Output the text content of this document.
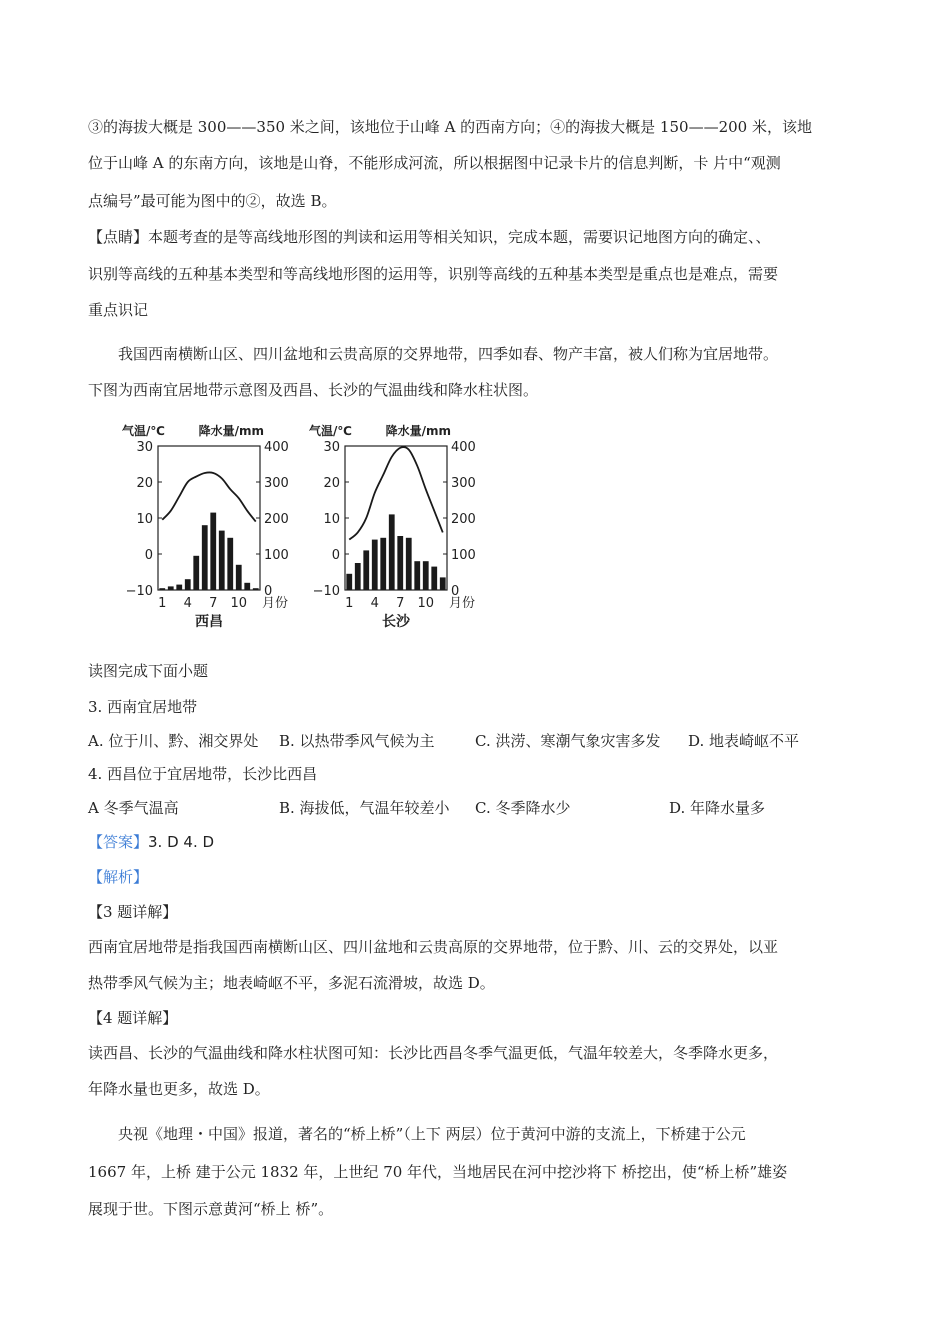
③的海拔大概是 300——350 米之间，该地位于山峰 A 的西南方向；④的海拔大概是 150——200 米，该地
位于山峰 A 的东南方向，该地是山脊，不能形成河流，所以根据图中记录卡片的信息判断，卡 片中“观测
点编号”最可能为图中的②，故选 B。
【点睛】本题考查的是等高线地形图的判读和运用等相关知识，完成本题，需要识记地图方向的确定、、
识别等高线的五种基本类型和等高线地形图的运用等，识别等高线的五种基本类型是重点也是难点，需要
重点识记
我国西南横断山区、四川盆地和云贵高原的交界地带，四季如春、物产丰富，被人们称为宜居地带。
下图为西南宜居地带示意图及西昌、长沙的气温曲线和降水柱状图。
气温/℃	降水量/mm
30
20
10
0
−10
400
300
200
100
0
1 4 7 10 月份
西昌
气温/℃	降水量/mm
30
20
10
0
−10
400
300
200
100
0
1 4 7 10 月份
长沙
读图完成下面小题
3. 西南宜居地带
A. 位于川、黔、湘交界处 B. 以热带季风气候为主	C. 洪涝、寒潮气象灾害多发 D. 地表崎岖不平
4. 西昌位于宜居地带，长沙比西昌
A 冬季气温高	B. 海拔低，气温年较差小 C. 冬季降水少	D. 年降水量多
【答案】3. D 4. D
【解析】
【3 题详解】
西南宜居地带是指我国西南横断山区、四川盆地和云贵高原的交界地带，位于黔、川、云的交界处，以亚
热带季风气候为主；地表崎岖不平，多泥石流滑坡，故选 D。
【4 题详解】
读西昌、长沙的气温曲线和降水柱状图可知：长沙比西昌冬季气温更低，气温年较差大，冬季降水更多，
年降水量也更多，故选 D。
央视《地理・中国》报道，著名的“桥上桥”（上下 两层）位于黄河中游的支流上，下桥建于公元
1667 年，上桥 建于公元 1832 年，上世纪 70 年代，当地居民在河中挖沙将下 桥挖出，使“桥上桥”雄姿
展现于世。下图示意黄河“桥上 桥”。
